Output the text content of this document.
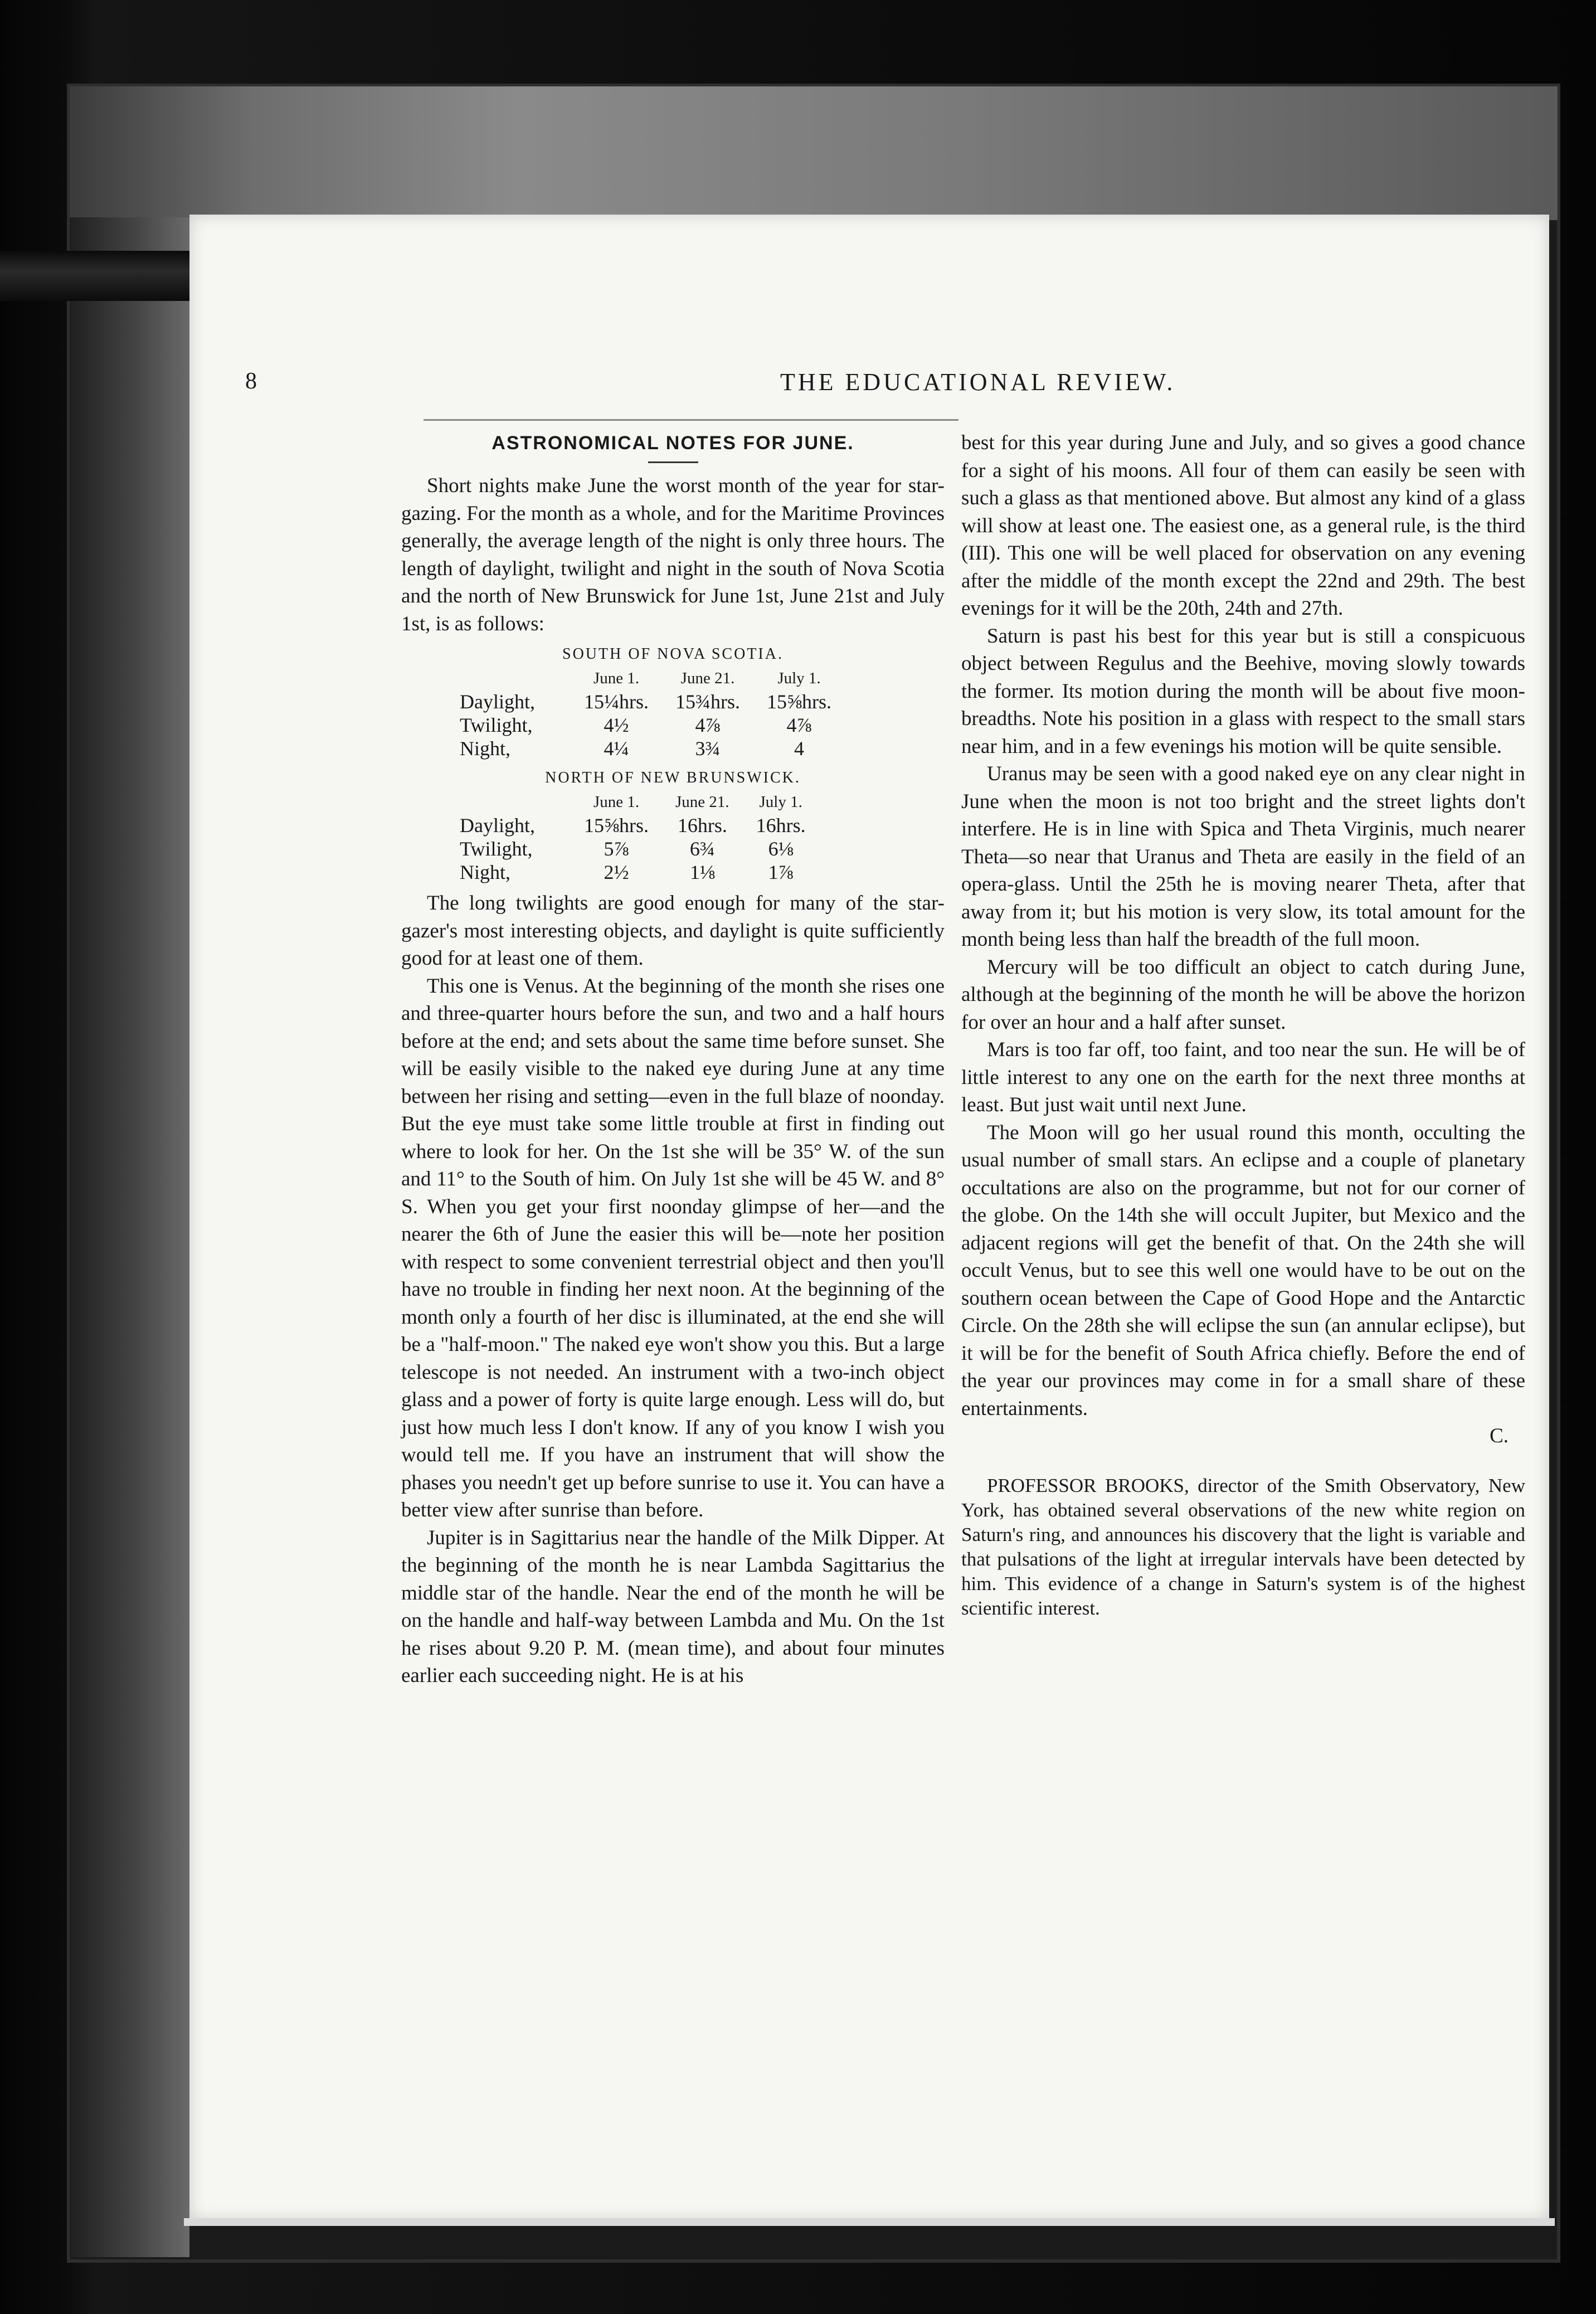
8	THE EDUCATIONAL REVIEW.
ASTRONOMICAL NOTES FOR JUNE.

Short nights make June the worst month of the year for star-gazing. For the month as a whole, and for the Maritime Provinces generally, the average length of the night is only three hours. The length of daylight, twilight and night in the south of Nova Scotia and the north of New Brunswick for June 1st, June 21st and July 1st, is as follows:

SOUTH OF NOVA SCOTIA.
	June 1.	June 21.	July 1.
Daylight,	15¼hrs.	15¾hrs.	15⅝hrs.
Twilight,	4½	4⅞	4⅞
Night,	4¼	3¾	4
NORTH OF NEW BRUNSWICK.
	June 1.	June 21.	July 1.
Daylight,	15⅝hrs.	16hrs.	16hrs.
Twilight,	5⅞	6¾	6⅛
Night,	2½	1⅛	1⅞

The long twilights are good enough for many of the star-gazer's most interesting objects, and daylight is quite sufficiently good for at least one of them.

This one is Venus. At the beginning of the month she rises one and three-quarter hours before the sun, and two and a half hours before at the end; and sets about the same time before sunset. She will be easily visible to the naked eye during June at any time between her rising and setting—even in the full blaze of noonday. But the eye must take some little trouble at first in finding out where to look for her. On the 1st she will be 35° W. of the sun and 11° to the South of him. On July 1st she will be 45 W. and 8° S. When you get your first noonday glimpse of her—and the nearer the 6th of June the easier this will be—note her position with respect to some convenient terrestrial object and then you'll have no trouble in finding her next noon. At the beginning of the month only a fourth of her disc is illuminated, at the end she will be a "half-moon." The naked eye won't show you this. But a large telescope is not needed. An instrument with a two-inch object glass and a power of forty is quite large enough. Less will do, but just how much less I don't know. If any of you know I wish you would tell me. If you have an instrument that will show the phases you needn't get up before sunrise to use it. You can have a better view after sunrise than before.

Jupiter is in Sagittarius near the handle of the Milk Dipper. At the beginning of the month he is near Lambda Sagittarius the middle star of the handle. Near the end of the month he will be on the handle and half-way between Lambda and Mu. On the 1st he rises about 9.20 P. M. (mean time), and about four minutes earlier each succeeding night. He is at his

best for this year during June and July, and so gives a good chance for a sight of his moons. All four of them can easily be seen with such a glass as that mentioned above. But almost any kind of a glass will show at least one. The easiest one, as a general rule, is the third (III). This one will be well placed for observation on any evening after the middle of the month except the 22nd and 29th. The best evenings for it will be the 20th, 24th and 27th.

Saturn is past his best for this year but is still a conspicuous object between Regulus and the Beehive, moving slowly towards the former. Its motion during the month will be about five moon-breadths. Note his position in a glass with respect to the small stars near him, and in a few evenings his motion will be quite sensible.

Uranus may be seen with a good naked eye on any clear night in June when the moon is not too bright and the street lights don't interfere. He is in line with Spica and Theta Virginis, much nearer Theta—so near that Uranus and Theta are easily in the field of an opera-glass. Until the 25th he is moving nearer Theta, after that away from it; but his motion is very slow, its total amount for the month being less than half the breadth of the full moon.

Mercury will be too difficult an object to catch during June, although at the beginning of the month he will be above the horizon for over an hour and a half after sunset.

Mars is too far off, too faint, and too near the sun. He will be of little interest to any one on the earth for the next three months at least. But just wait until next June.

The Moon will go her usual round this month, occulting the usual number of small stars. An eclipse and a couple of planetary occultations are also on the programme, but not for our corner of the globe. On the 14th she will occult Jupiter, but Mexico and the adjacent regions will get the benefit of that. On the 24th she will occult Venus, but to see this well one would have to be out on the southern ocean between the Cape of Good Hope and the Antarctic Circle. On the 28th she will eclipse the sun (an annular eclipse), but it will be for the benefit of South Africa chiefly. Before the end of the year our provinces may come in for a small share of these entertainments.

C.

PROFESSOR BROOKS, director of the Smith Observatory, New York, has obtained several observations of the new white region on Saturn's ring, and announces his discovery that the light is variable and that pulsations of the light at irregular intervals have been detected by him. This evidence of a change in Saturn's system is of the highest scientific interest.
